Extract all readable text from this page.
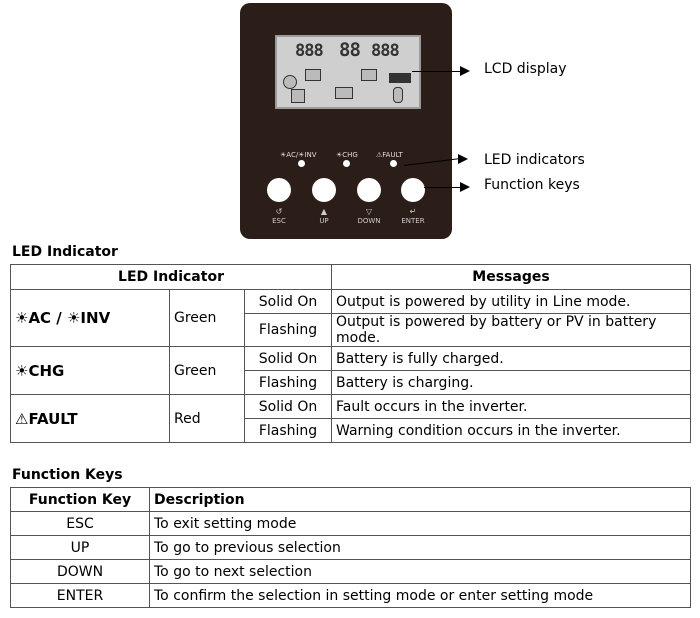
888 88 888
☀AC/☀INV	☀CHG	⚠FAULT
↺	▲	▽	↵
ESC	UP	DOWN	ENTER
LCD display
LED indicators
Function keys
LED Indicator
LED Indicator			Messages
☀AC / ☀INV	Green	Solid On	Output is powered by utility in Line mode.
		Flashing	Output is powered by battery or PV in battery mode.
☀CHG	Green	Solid On	Battery is fully charged.
		Flashing	Battery is charging.
⚠FAULT	Red	Solid On	Fault occurs in the inverter.
		Flashing	Warning condition occurs in the inverter.
Function Keys
Function Key	Description
ESC	To exit setting mode
UP	To go to previous selection
DOWN	To go to next selection
ENTER	To confirm the selection in setting mode or enter setting mode
